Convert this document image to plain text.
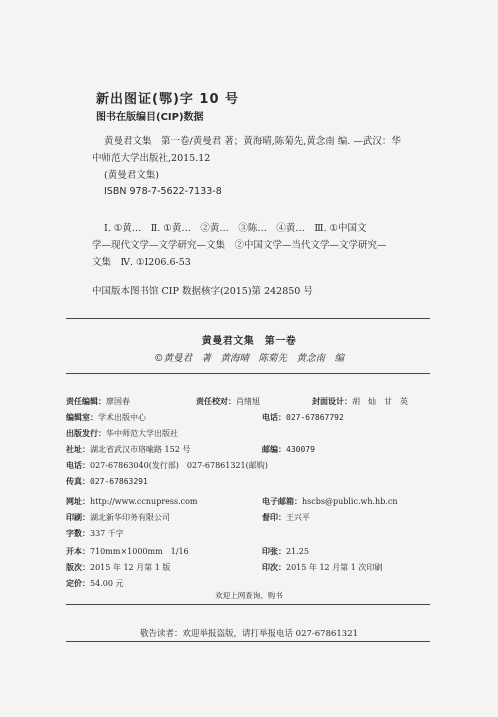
新出图证(鄂)字 10 号
图书在版编目(CIP)数据
黄曼君文集　第一卷/黄曼君 著；黄海晴,陈菊先,黄念南 编. —武汉：华
中师范大学出版社,2015.12
(黄曼君文集)
ISBN 978-7-5622-7133-8
Ⅰ. ①黄…　Ⅱ. ①黄…　②黄…　③陈…　④黄…　Ⅲ. ①中国文
学—现代文学—文学研究—文集　②中国文学—当代文学—文学研究—
文集　Ⅳ. ①I206.6-53
中国版本图书馆 CIP 数据核字(2015)第 242850 号
黄曼君文集　第一卷
©黄曼君　著　黄海晴　陈菊先　黄念南　编
责任编辑：廖国春	责任校对：肖绪旭	封面设计：胡　灿　甘　英
编辑室：学术出版中心	电话：027-67867792
出版发行：华中师范大学出版社
社址：湖北省武汉市珞喻路 152 号	邮编：430079
电话：027-67863040(发行部)　027-67861321(邮购)
传真：027-67863291
网址：http://www.ccnupress.com	电子邮箱：hscbs@public.wh.hb.cn
印刷：湖北新华印务有限公司	督印：王兴平
字数：337 千字
开本：710mm×1000mm　1/16	印张：21.25
版次：2015 年 12 月第 1 版	印次：2015 年 12 月第 1 次印刷
定价：54.00 元
欢迎上网查询、购书
敬告读者：欢迎举报盗版，请打举报电话 027-67861321
